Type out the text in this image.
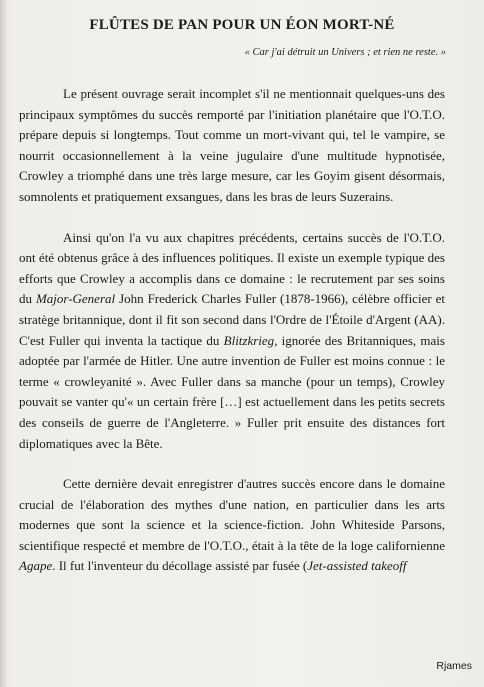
FLÛTES DE PAN POUR UN ÉON MORT-NÉ
« Car j'ai détruit un Univers ; et rien ne reste. »

Le présent ouvrage serait incomplet s'il ne mentionnait quelques-uns des principaux symptômes du succès remporté par l'initiation planétaire que l'O.T.O. prépare depuis si longtemps. Tout comme un mort-vivant qui, tel le vampire, se nourrit occasionnellement à la veine jugulaire d'une multitude hypnotisée, Crowley a triomphé dans une très large mesure, car les Goyim gisent désormais, somnolents et pratiquement exsangues, dans les bras de leurs Suzerains.

Ainsi qu'on l'a vu aux chapitres précédents, certains succès de l'O.T.O. ont été obtenus grâce à des influences politiques. Il existe un exemple typique des efforts que Crowley a accomplis dans ce domaine : le recrutement par ses soins du Major-General John Frederick Charles Fuller (1878-1966), célèbre officier et stratège britannique, dont il fit son second dans l'Ordre de l'Étoile d'Argent (AA). C'est Fuller qui inventa la tactique du Blitzkrieg, ignorée des Britanniques, mais adoptée par l'armée de Hitler. Une autre invention de Fuller est moins connue : le terme « crowleyanité ». Avec Fuller dans sa manche (pour un temps), Crowley pouvait se vanter qu'« un certain frère […] est actuellement dans les petits secrets des conseils de guerre de l'Angleterre. » Fuller prit ensuite des distances fort diplomatiques avec la Bête.

Cette dernière devait enregistrer d'autres succès encore dans le domaine crucial de l'élaboration des mythes d'une nation, en particulier dans les arts modernes que sont la science et la science-fiction. John Whiteside Parsons, scientifique respecté et membre de l'O.T.O., était à la tête de la loge californienne Agape. Il fut l'inventeur du décollage assisté par fusée (Jet-assisted takeoff

Rjames
